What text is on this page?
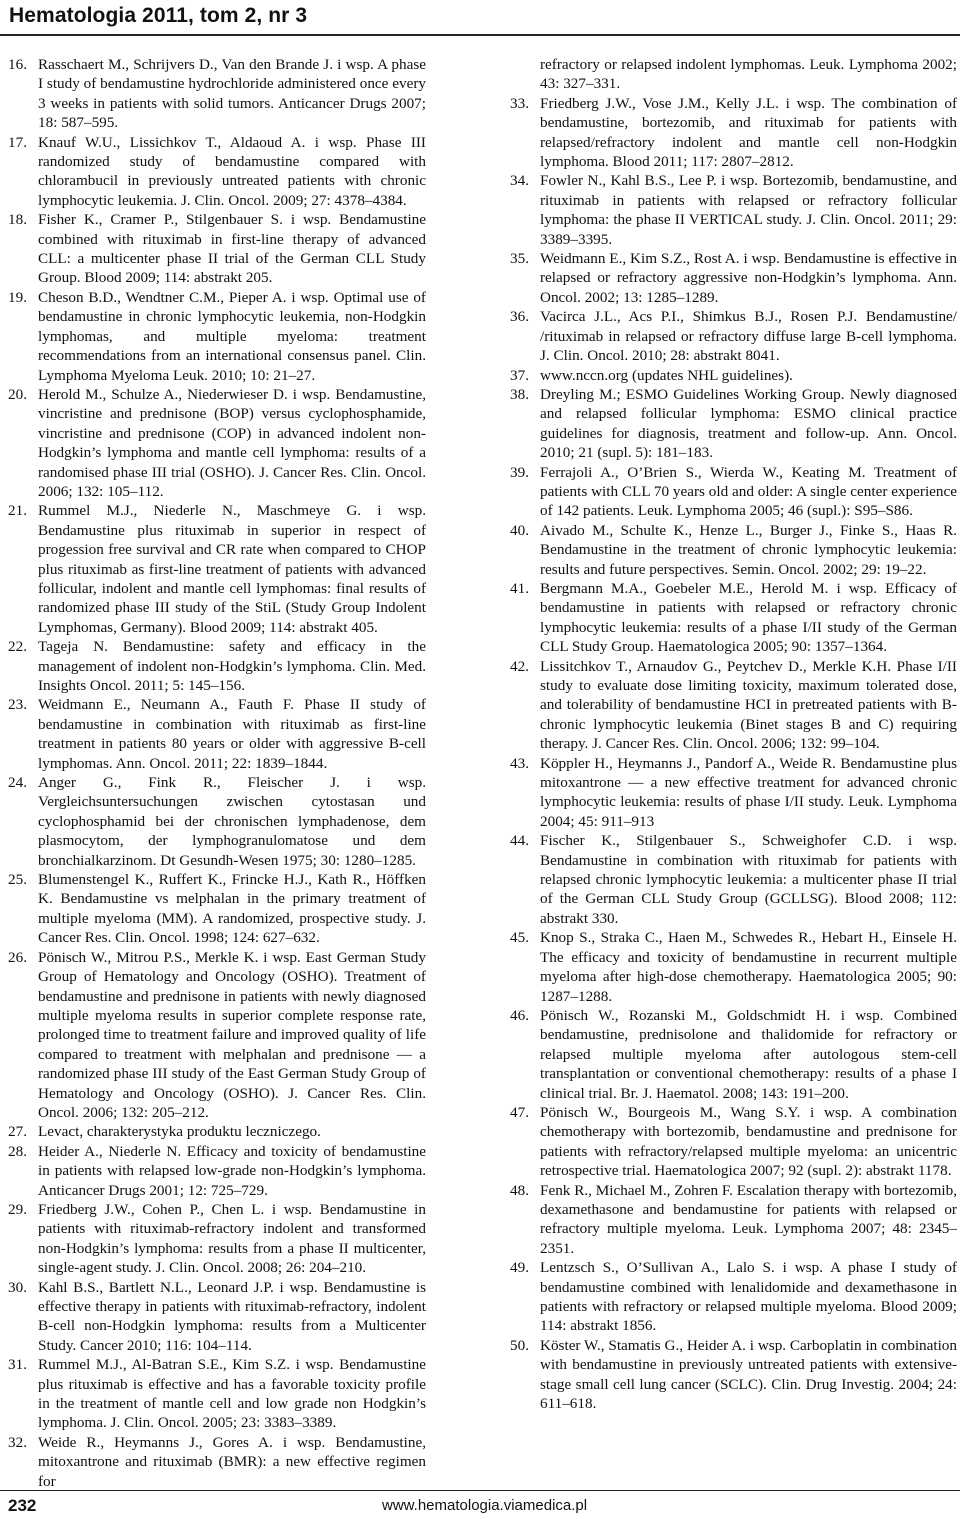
Hematologia 2011, tom 2, nr 3

16. Rasschaert M., Schrijvers D., Van den Brande J. i wsp. A phase I study of bendamustine hydrochloride administered once every 3 weeks in patients with solid tumors. Anticancer Drugs 2007; 18: 587–595.

17. Knauf W.U., Lissichkov T., Aldaoud A. i wsp. Phase III randomized study of bendamustine compared with chlorambucil in previously untreated patients with chronic lymphocytic leukemia. J. Clin. Oncol. 2009; 27: 4378–4384.

18. Fisher K., Cramer P., Stilgenbauer S. i wsp. Bendamustine combined with rituximab in first-line therapy of advanced CLL: a multicenter phase II trial of the German CLL Study Group. Blood 2009; 114: abstrakt 205.

19. Cheson B.D., Wendtner C.M., Pieper A. i wsp. Optimal use of bendamustine in chronic lymphocytic leukemia, non-Hodgkin lymphomas, and multiple myeloma: treatment recommendations from an international consensus panel. Clin. Lymphoma Myeloma Leuk. 2010; 10: 21–27.

20. Herold M., Schulze A., Niederwieser D. i wsp. Bendamustine, vincristine and prednisone (BOP) versus cyclophosphamide, vincristine and prednisone (COP) in advanced indolent non-Hodgkin’s lymphoma and mantle cell lymphoma: results of a randomised phase III trial (OSHO). J. Cancer Res. Clin. Oncol. 2006; 132: 105–112.

21. Rummel M.J., Niederle N., Maschmeye G. i wsp. Bendamustine plus rituximab in superior in respect of progession free survival and CR rate when compared to CHOP plus rituximab as first-line treatment of patients with advanced follicular, indolent and mantle cell lymphomas: final results of randomized phase III study of the StiL (Study Group Indolent Lymphomas, Germany). Blood 2009; 114: abstrakt 405.

22. Tageja N. Bendamustine: safety and efficacy in the management of indolent non-Hodgkin’s lymphoma. Clin. Med. Insights Oncol. 2011; 5: 145–156.

23. Weidmann E., Neumann A., Fauth F. Phase II study of bendamustine in combination with rituximab as first-line treatment in patients 80 years or older with aggressive B-cell lymphomas. Ann. Oncol. 2011; 22: 1839–1844.

24. Anger G., Fink R., Fleischer J. i wsp. Vergleichsuntersuchungen zwischen cytostasan und cyclophosphamid bei der chronischen lymphadenose, dem plasmocytom, der lymphogranulomatose und dem bronchialkarzinom. Dt Gesundh-Wesen 1975; 30: 1280–1285.

25. Blumenstengel K., Ruffert K., Frincke H.J., Kath R., Höffken K. Bendamustine vs melphalan in the primary treatment of multiple myeloma (MM). A randomized, prospective study. J. Cancer Res. Clin. Oncol. 1998; 124: 627–632.

26. Pönisch W., Mitrou P.S., Merkle K. i wsp. East German Study Group of Hematology and Oncology (OSHO). Treatment of bendamustine and prednisone in patients with newly diagnosed multiple myeloma results in superior complete response rate, prolonged time to treatment failure and improved quality of life compared to treatment with melphalan and prednisone — a randomized phase III study of the East German Study Group of Hematology and Oncology (OSHO). J. Cancer Res. Clin. Oncol. 2006; 132: 205–212.

27. Levact, charakterystyka produktu leczniczego.

28. Heider A., Niederle N. Efficacy and toxicity of bendamustine in patients with relapsed low-grade non-Hodgkin’s lymphoma. Anticancer Drugs 2001; 12: 725–729.

29. Friedberg J.W., Cohen P., Chen L. i wsp. Bendamustine in patients with rituximab-refractory indolent and transformed non-Hodgkin’s lymphoma: results from a phase II multicenter, single-agent study. J. Clin. Oncol. 2008; 26: 204–210.

30. Kahl B.S., Bartlett N.L., Leonard J.P. i wsp. Bendamustine is effective therapy in patients with rituximab-refractory, indolent B-cell non-Hodgkin lymphoma: results from a Multicenter Study. Cancer 2010; 116: 104–114.

31. Rummel M.J., Al-Batran S.E., Kim S.Z. i wsp. Bendamustine plus rituximab is effective and has a favorable toxicity profile in the treatment of mantle cell and low grade non Hodgkin’s lymphoma. J. Clin. Oncol. 2005; 23: 3383–3389.

32. Weide R., Heymanns J., Gores A. i wsp. Bendamustine, mitoxantrone and rituximab (BMR): a new effective regimen for

refractory or relapsed indolent lymphomas. Leuk. Lymphoma 2002; 43: 327–331.

33. Friedberg J.W., Vose J.M., Kelly J.L. i wsp. The combination of bendamustine, bortezomib, and rituximab for patients with relapsed/refractory indolent and mantle cell non-Hodgkin lymphoma. Blood 2011; 117: 2807–2812.

34. Fowler N., Kahl B.S., Lee P. i wsp. Bortezomib, bendamustine, and rituximab in patients with relapsed or refractory follicular lymphoma: the phase II VERTICAL study. J. Clin. Oncol. 2011; 29: 3389–3395.

35. Weidmann E., Kim S.Z., Rost A. i wsp. Bendamustine is effective in relapsed or refractory aggressive non-Hodgkin’s lymphoma. Ann. Oncol. 2002; 13: 1285–1289.

36. Vacirca J.L., Acs P.I., Shimkus B.J., Rosen P.J. Bendamustine/ /rituximab in relapsed or refractory diffuse large B-cell lymphoma. J. Clin. Oncol. 2010; 28: abstrakt 8041.

37. www.nccn.org (updates NHL guidelines).

38. Dreyling M.; ESMO Guidelines Working Group. Newly diagnosed and relapsed follicular lymphoma: ESMO clinical practice guidelines for diagnosis, treatment and follow-up. Ann. Oncol. 2010; 21 (supl. 5): 181–183.

39. Ferrajoli A., O’Brien S., Wierda W., Keating M. Treatment of patients with CLL 70 years old and older: A single center experience of 142 patients. Leuk. Lymphoma 2005; 46 (supl.): S95–S86.

40. Aivado M., Schulte K., Henze L., Burger J., Finke S., Haas R. Bendamustine in the treatment of chronic lymphocytic leukemia: results and future perspectives. Semin. Oncol. 2002; 29: 19–22.

41. Bergmann M.A., Goebeler M.E., Herold M. i wsp. Efficacy of bendamustine in patients with relapsed or refractory chronic lymphocytic leukemia: results of a phase I/II study of the German CLL Study Group. Haematologica 2005; 90: 1357–1364.

42. Lissitchkov T., Arnaudov G., Peytchev D., Merkle K.H. Phase I/II study to evaluate dose limiting toxicity, maximum tolerated dose, and tolerability of bendamustine HCI in pretreated patients with B-chronic lymphocytic leukemia (Binet stages B and C) requiring therapy. J. Cancer Res. Clin. Oncol. 2006; 132: 99–104.

43. Köppler H., Heymanns J., Pandorf A., Weide R. Bendamustine plus mitoxantrone — a new effective treatment for advanced chronic lymphocytic leukemia: results of phase I/II study. Leuk. Lymphoma 2004; 45: 911–913

44. Fischer K., Stilgenbauer S., Schweighofer C.D. i wsp. Bendamustine in combination with rituximab for patients with relapsed chronic lymphocytic leukemia: a multicenter phase II trial of the German CLL Study Group (GCLLSG). Blood 2008; 112: abstrakt 330.

45. Knop S., Straka C., Haen M., Schwedes R., Hebart H., Einsele H. The efficacy and toxicity of bendamustine in recurrent multiple myeloma after high-dose chemotherapy. Haematologica 2005; 90: 1287–1288.

46. Pönisch W., Rozanski M., Goldschmidt H. i wsp. Combined bendamustine, prednisolone and thalidomide for refractory or relapsed multiple myeloma after autologous stem-cell transplantation or conventional chemotherapy: results of a phase I clinical trial. Br. J. Haematol. 2008; 143: 191–200.

47. Pönisch W., Bourgeois M., Wang S.Y. i wsp. A combination chemotherapy with bortezomib, bendamustine and prednisone for patients with refractory/relapsed multiple myeloma: an unicentric retrospective trial. Haematologica 2007; 92 (supl. 2): abstrakt 1178.

48. Fenk R., Michael M., Zohren F. Escalation therapy with bortezomib, dexamethasone and bendamustine for patients with relapsed or refractory multiple myeloma. Leuk. Lymphoma 2007; 48: 2345–2351.

49. Lentzsch S., O’Sullivan A., Lalo S. i wsp. A phase I study of bendamustine combined with lenalidomide and dexamethasone in patients with refractory or relapsed multiple myeloma. Blood 2009; 114: abstrakt 1856.

50. Köster W., Stamatis G., Heider A. i wsp. Carboplatin in combination with bendamustine in previously untreated patients with extensive-stage small cell lung cancer (SCLC). Clin. Drug Investig. 2004; 24: 611–618.

232	www.hematologia.viamedica.pl
